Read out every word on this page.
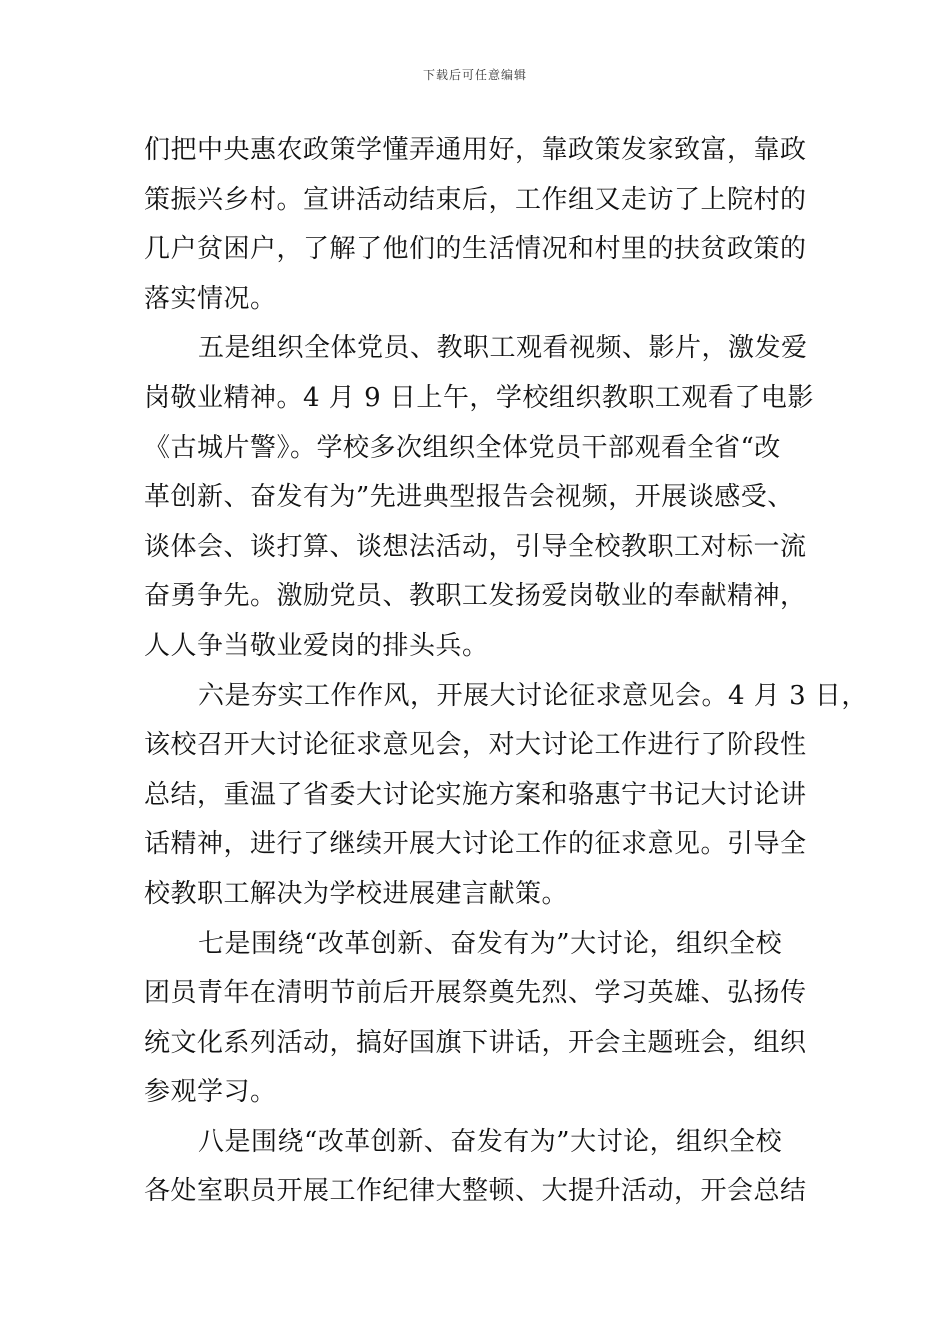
下载后可任意编辑
们把中央惠农政策学懂弄通用好，靠政策发家致富，靠政
策振兴乡村。宣讲活动结束后，工作组又走访了上院村的
几户贫困户，了解了他们的生活情况和村里的扶贫政策的
落实情况。
五是组织全体党员、教职工观看视频、影片，激发爱
岗敬业精神。4 月 9 日上午，学校组织教职工观看了电影
《古城片警》。学校多次组织全体党员干部观看全省“改
革创新、奋发有为”先进典型报告会视频，开展谈感受、
谈体会、谈打算、谈想法活动，引导全校教职工对标一流
奋勇争先。激励党员、教职工发扬爱岗敬业的奉献精神，
人人争当敬业爱岗的排头兵。
六是夯实工作作风，开展大讨论征求意见会。4 月 3 日，
该校召开大讨论征求意见会，对大讨论工作进行了阶段性
总结，重温了省委大讨论实施方案和骆惠宁书记大讨论讲
话精神，进行了继续开展大讨论工作的征求意见。引导全
校教职工解决为学校进展建言献策。
七是围绕“改革创新、奋发有为”大讨论，组织全校
团员青年在清明节前后开展祭奠先烈、学习英雄、弘扬传
统文化系列活动，搞好国旗下讲话，开会主题班会，组织
参观学习。
八是围绕“改革创新、奋发有为”大讨论，组织全校
各处室职员开展工作纪律大整顿、大提升活动，开会总结
